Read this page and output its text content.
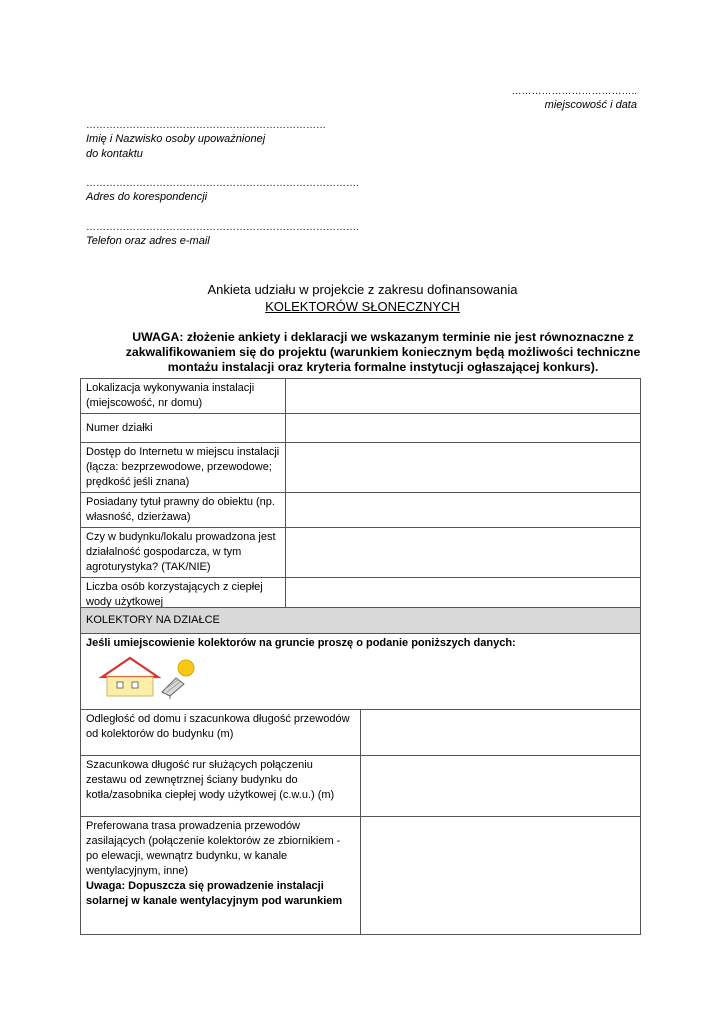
………………………………..
miejscowość i data
………………………………………………………………
Imię i Nazwisko osoby upoważnionej
do kontaktu
……………………………………………………………………….
Adres do korespondencji
……………………………………………………………………….
Telefon oraz adres e-mail
Ankieta udziału w projekcie z zakresu dofinansowania
KOLEKTORÓW SŁONECZNYCH
UWAGA: złożenie ankiety i deklaracji we wskazanym terminie nie jest równoznaczne z zakwalifikowaniem się do projektu (warunkiem koniecznym będą możliwości techniczne montażu instalacji oraz kryteria formalne instytucji ogłaszającej konkurs).
Lokalizacja wykonywania instalacji (miejscowość, nr domu)	
Numer działki	
Dostęp do Internetu w miejscu instalacji (łącza: bezprzewodowe, przewodowe; prędkość jeśli znana)	
Posiadany tytuł prawny do obiektu (np. własność, dzierżawa)	
Czy w budynku/lokalu prowadzona jest działalność gospodarcza, w tym agroturystyka? (TAK/NIE)	
Liczba osób korzystających z ciepłej wody użytkowej	
KOLEKTORY NA DZIAŁCE	

Jeśli umiejscowienie kolektorów na gruncie proszę o podanie poniższych danych:	

Odległość od domu i szacunkowa długość przewodów od kolektorów do budynku (m)	
Szacunkowa długość rur służących połączeniu zestawu od zewnętrznej ściany budynku do kotła/zasobnika ciepłej wody użytkowej (c.w.u.) (m)	

Preferowana trasa prowadzenia przewodów zasilających (połączenie kolektorów ze zbiornikiem - po elewacji, wewnątrz budynku, w kanale wentylacyjnym, inne)
Uwaga: Dopuszcza się prowadzenie instalacji solarnej w kanale wentylacyjnym pod warunkiem	
